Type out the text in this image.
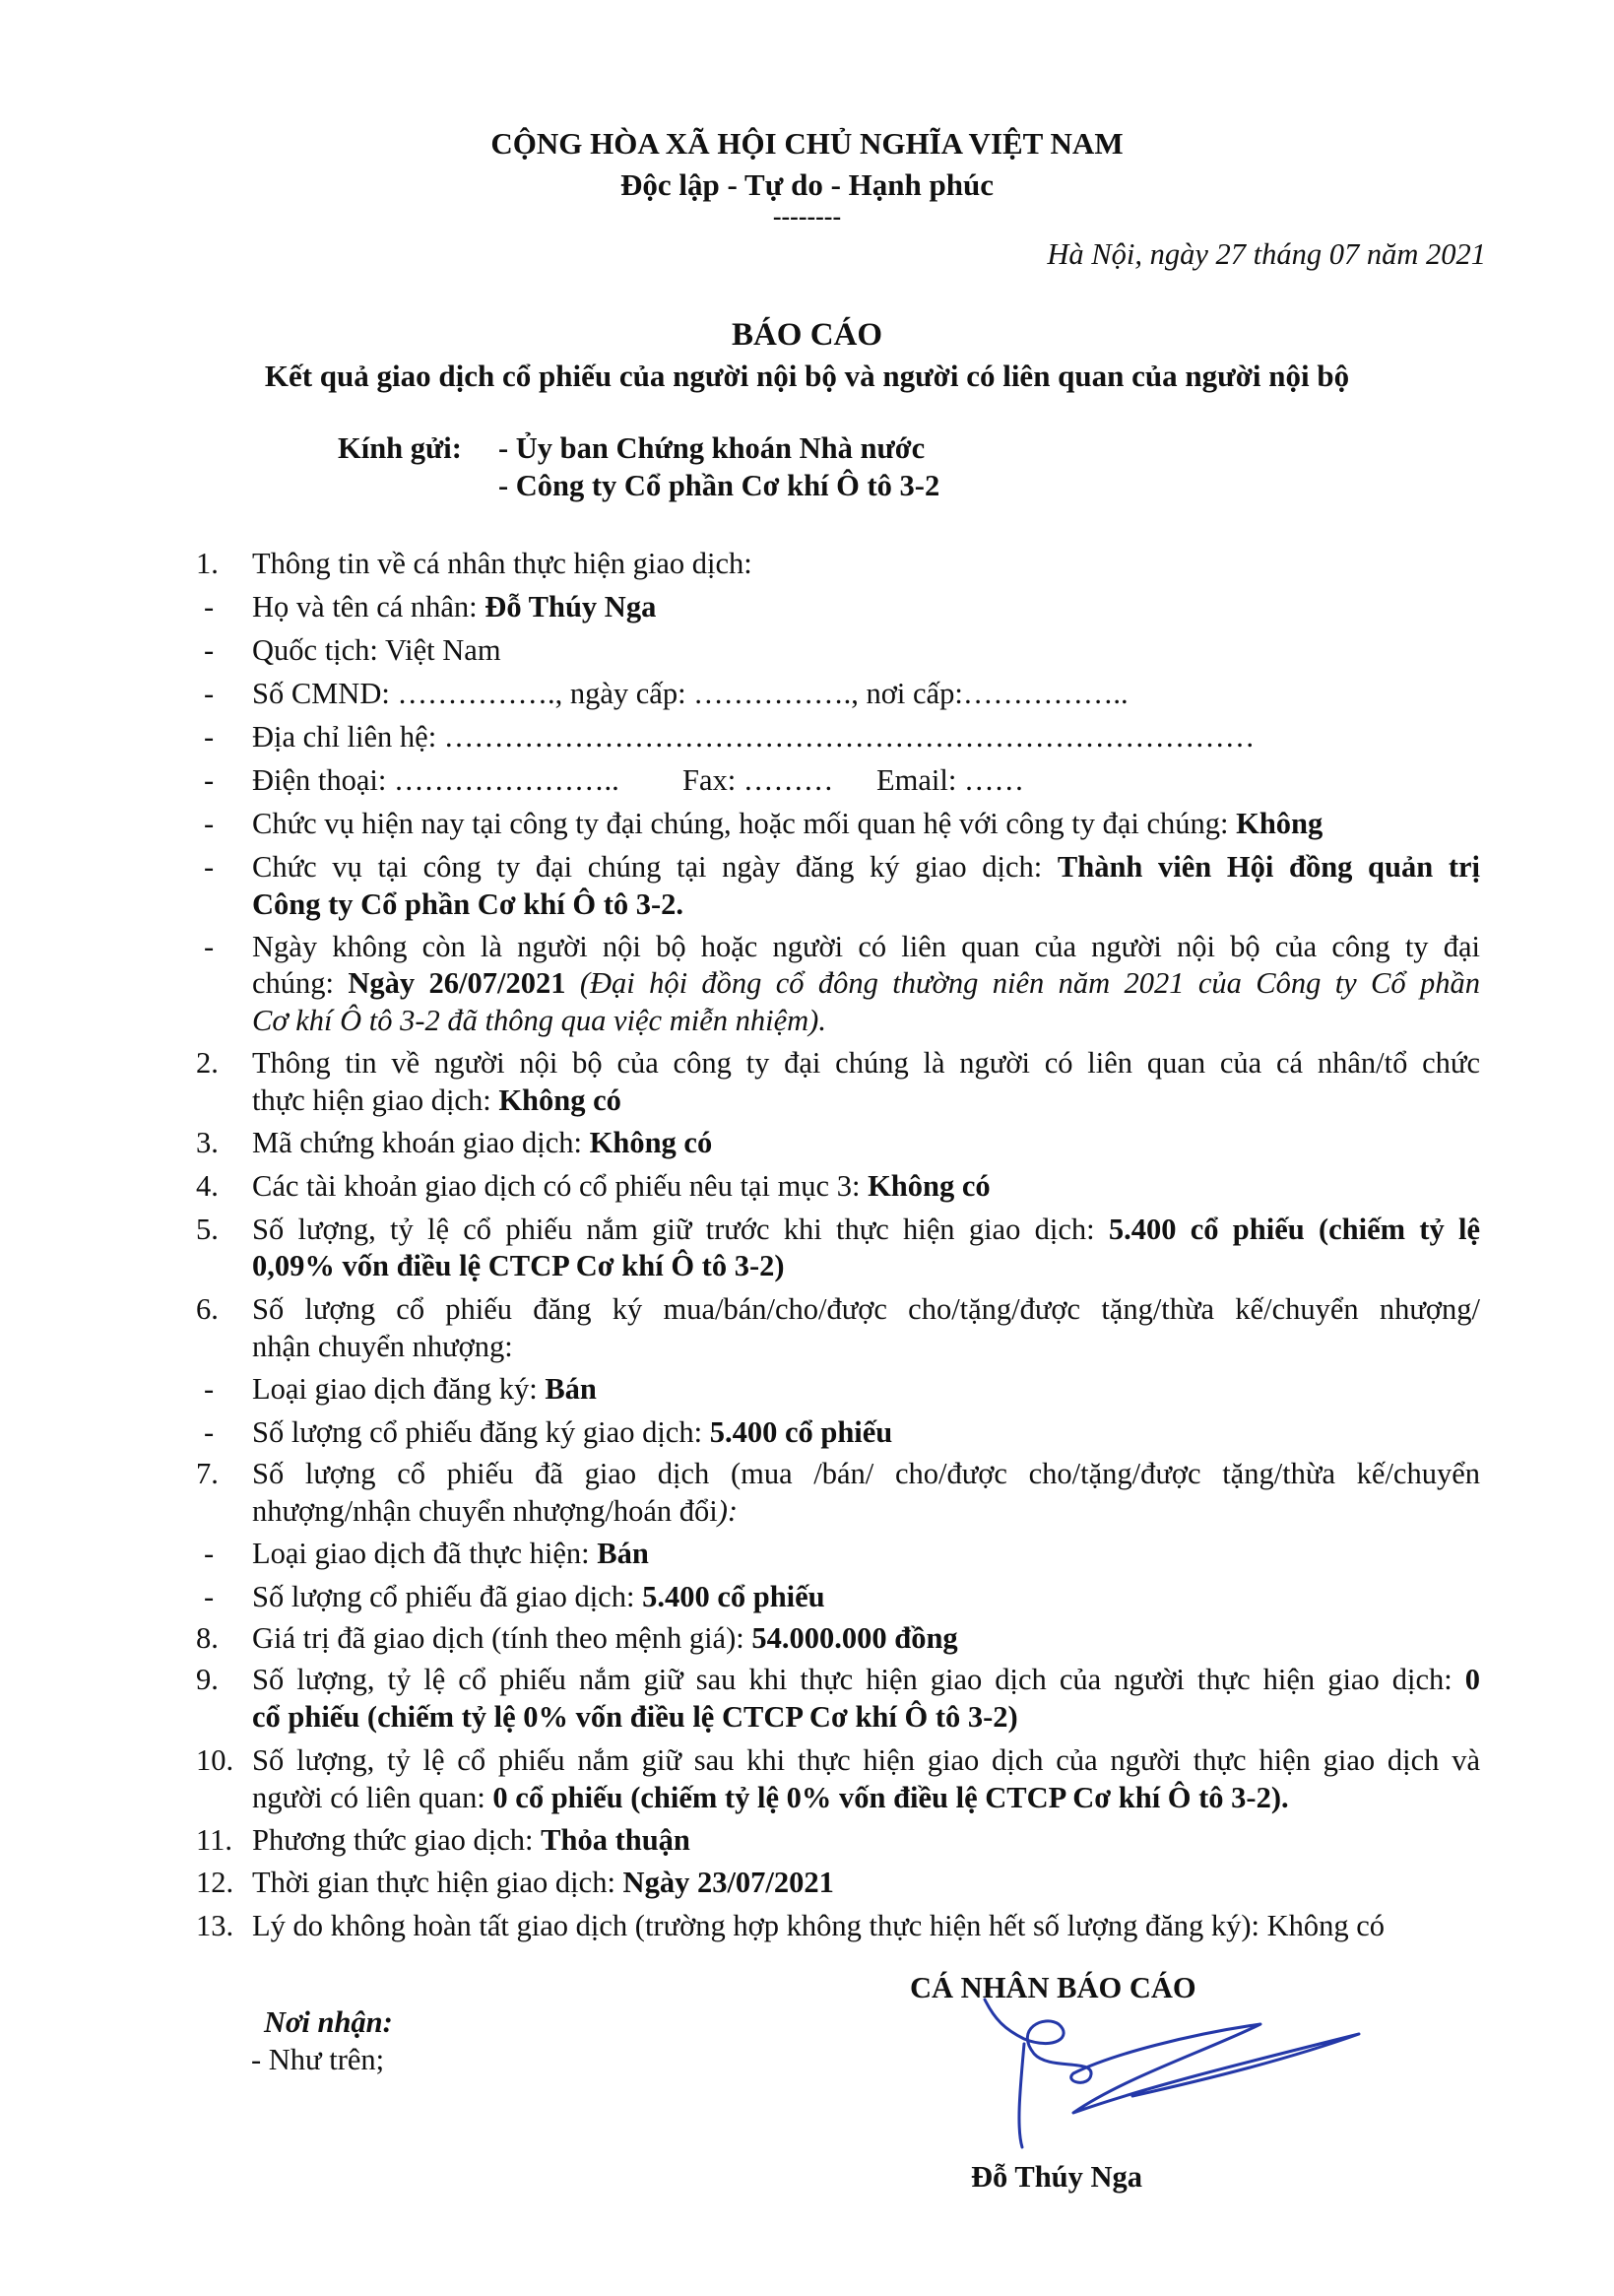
CỘNG HÒA XÃ HỘI CHỦ NGHĨA VIỆT NAM
Độc lập - Tự do - Hạnh phúc
--------
Hà Nội, ngày 27 tháng 07 năm 2021
BÁO CÁO
Kết quả giao dịch cổ phiếu của người nội bộ và người có liên quan của người nội bộ
Kính gửi: - Ủy ban Chứng khoán Nhà nước
- Công ty Cổ phần Cơ khí Ô tô 3-2
1. Thông tin về cá nhân thực hiện giao dịch:
- Họ và tên cá nhân: Đỗ Thúy Nga
- Quốc tịch: Việt Nam
- Số CMND: ……………., ngày cấp: ……………., nơi cấp:……………..
- Địa chỉ liên hệ: ………………………………………………………………………
- Điện thoại: ………………….. Fax: ……… Email: ……
- Chức vụ hiện nay tại công ty đại chúng, hoặc mối quan hệ với công ty đại chúng: Không
- Chức vụ tại công ty đại chúng tại ngày đăng ký giao dịch: Thành viên Hội đồng quản trị
Công ty Cổ phần Cơ khí Ô tô 3-2.
- Ngày không còn là người nội bộ hoặc người có liên quan của người nội bộ của công ty đại
chúng: Ngày 26/07/2021 (Đại hội đồng cổ đông thường niên năm 2021 của Công ty Cổ phần
Cơ khí Ô tô 3-2 đã thông qua việc miễn nhiệm).
2. Thông tin về người nội bộ của công ty đại chúng là người có liên quan của cá nhân/tổ chức
thực hiện giao dịch: Không có
3. Mã chứng khoán giao dịch: Không có
4. Các tài khoản giao dịch có cổ phiếu nêu tại mục 3: Không có
5. Số lượng, tỷ lệ cổ phiếu nắm giữ trước khi thực hiện giao dịch: 5.400 cổ phiếu (chiếm tỷ lệ
0,09% vốn điều lệ CTCP Cơ khí Ô tô 3-2)
6. Số lượng cổ phiếu đăng ký mua/bán/cho/được cho/tặng/được tặng/thừa kế/chuyển nhượng/
nhận chuyển nhượng:
- Loại giao dịch đăng ký: Bán
- Số lượng cổ phiếu đăng ký giao dịch: 5.400 cổ phiếu
7. Số lượng cổ phiếu đã giao dịch (mua /bán/ cho/được cho/tặng/được tặng/thừa kế/chuyển
nhượng/nhận chuyển nhượng/hoán đổi):
- Loại giao dịch đã thực hiện: Bán
- Số lượng cổ phiếu đã giao dịch: 5.400 cổ phiếu
8. Giá trị đã giao dịch (tính theo mệnh giá): 54.000.000 đồng
9. Số lượng, tỷ lệ cổ phiếu nắm giữ sau khi thực hiện giao dịch của người thực hiện giao dịch: 0
cổ phiếu (chiếm tỷ lệ 0% vốn điều lệ CTCP Cơ khí Ô tô 3-2)
10. Số lượng, tỷ lệ cổ phiếu nắm giữ sau khi thực hiện giao dịch của người thực hiện giao dịch và
người có liên quan: 0 cổ phiếu (chiếm tỷ lệ 0% vốn điều lệ CTCP Cơ khí Ô tô 3-2).
11. Phương thức giao dịch: Thỏa thuận
12. Thời gian thực hiện giao dịch: Ngày 23/07/2021
13. Lý do không hoàn tất giao dịch (trường hợp không thực hiện hết số lượng đăng ký): Không có
Nơi nhận:
- Như trên;
CÁ NHÂN BÁO CÁO
Đỗ Thúy Nga
